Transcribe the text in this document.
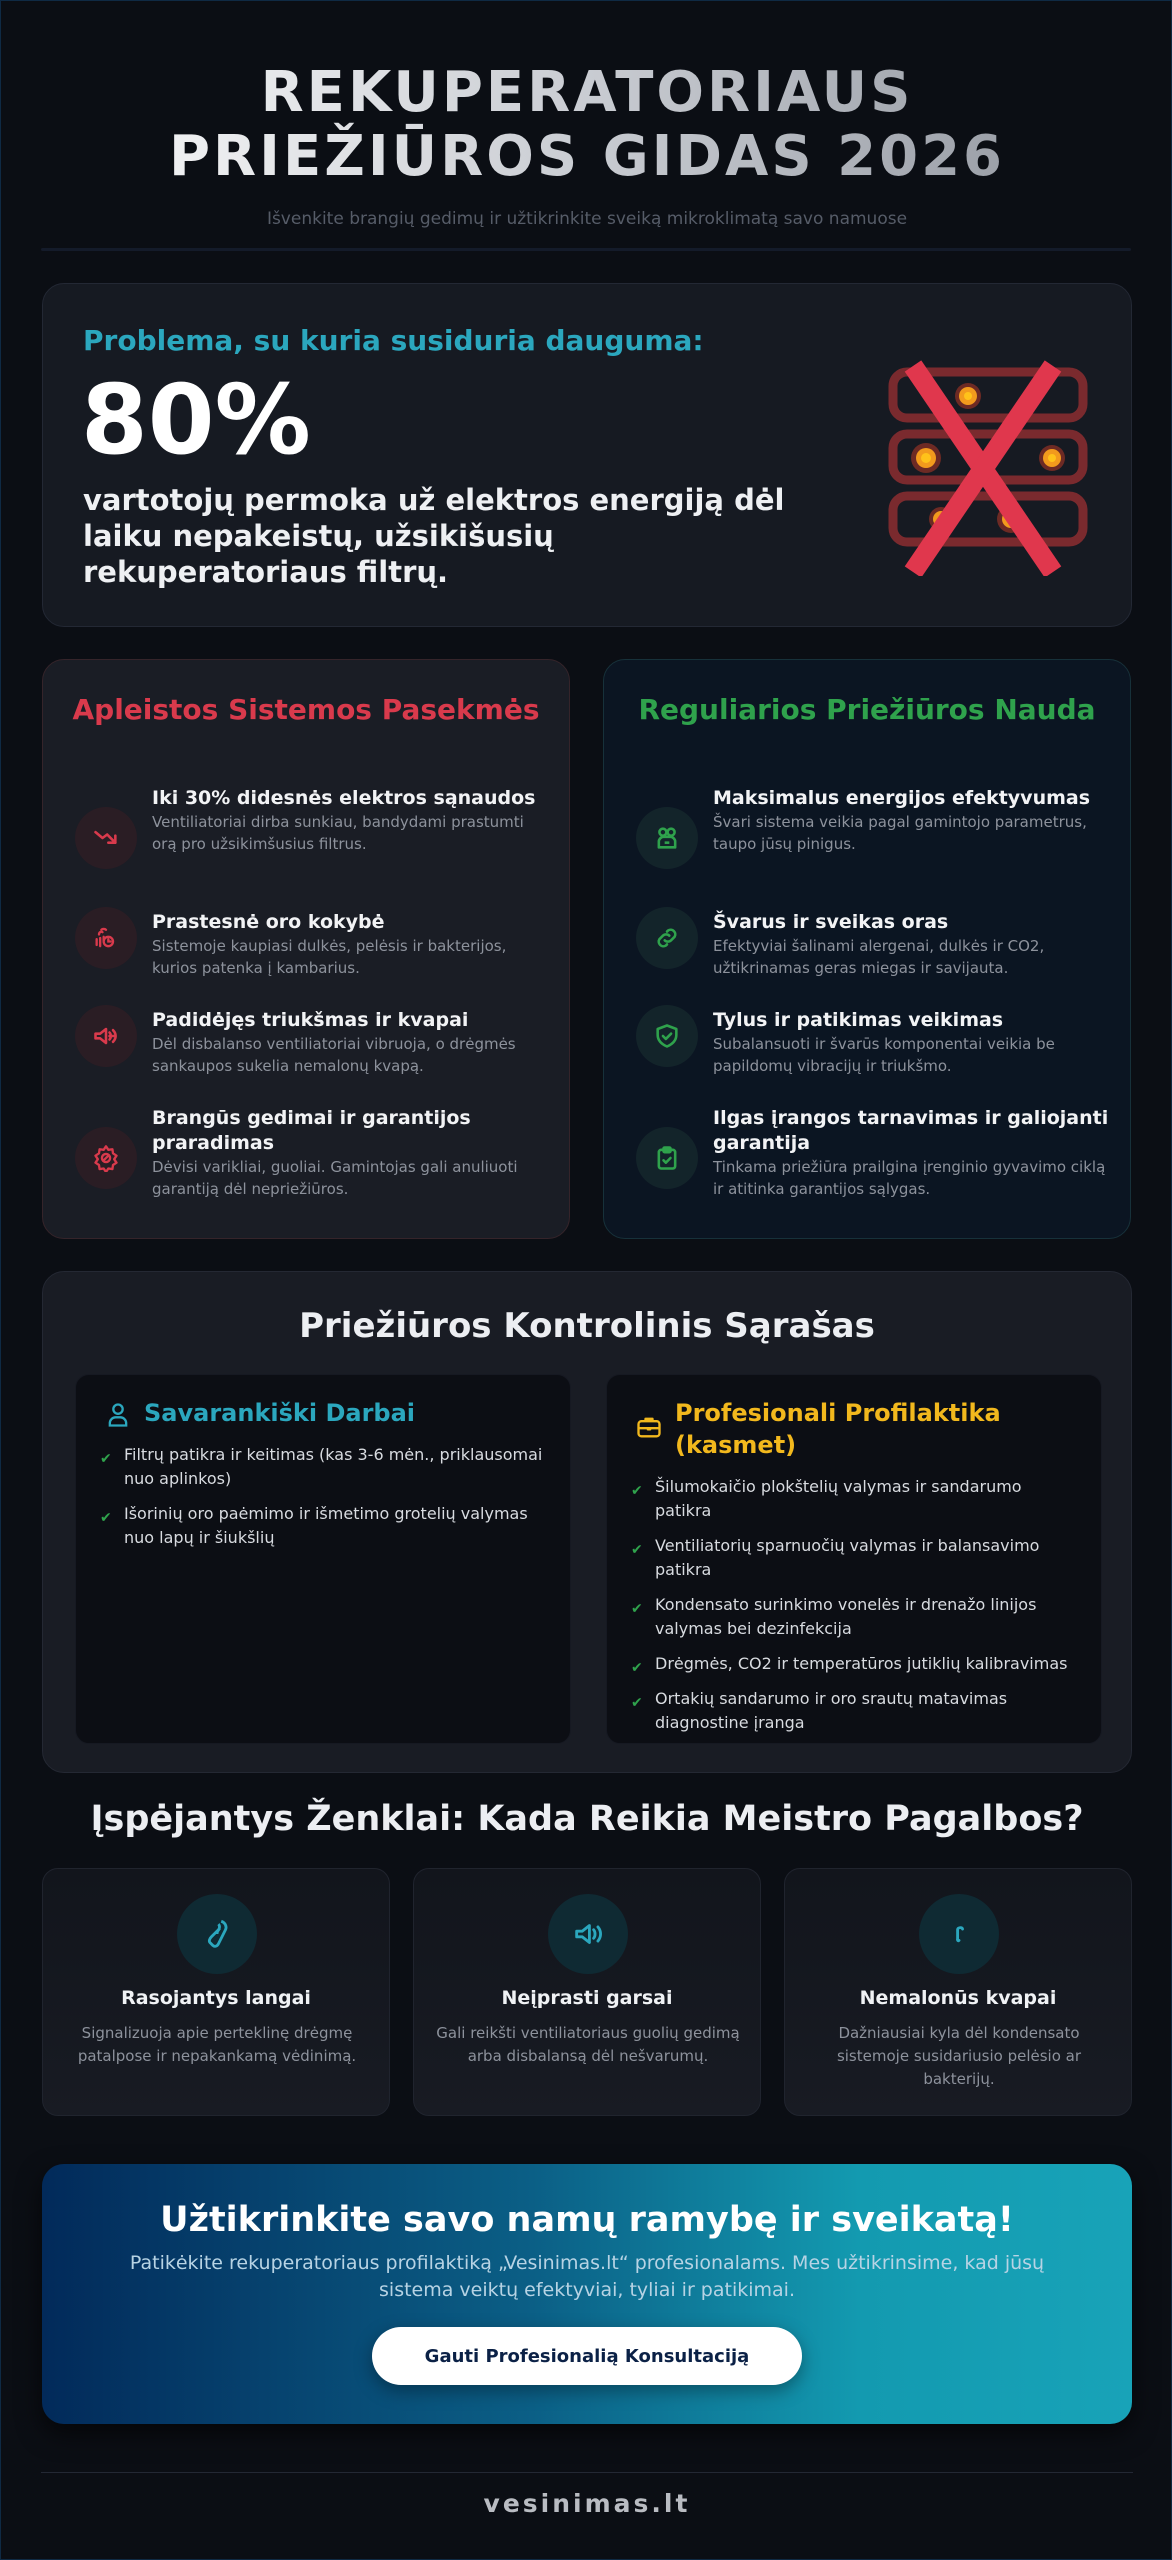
REKUPERATORIAUS
PRIEŽIŪROS GIDAS 2026

Išvenkite brangių gedimų ir užtikrinkite sveiką mikroklimatą savo namuose

Problema, su kuria susiduria dauguma:
80%
vartotojų permoka už elektros energiją dėl laiku nepakeistų, užsikišusių rekuperatoriaus filtrų.
Apleistos Sistemos Pasekmės
Iki 30% didesnės elektros sąnaudos
Ventiliatoriai dirba sunkiau, bandydami prastumti orą pro užsikimšusius filtrus.
Prastesnė oro kokybė
Sistemoje kaupiasi dulkės, pelėsis ir bakterijos, kurios patenka į kambarius.
Padidėjęs triukšmas ir kvapai
Dėl disbalanso ventiliatoriai vibruoja, o drėgmės sankaupos sukelia nemalonų kvapą.
Brangūs gedimai ir garantijos praradimas
Dėvisi varikliai, guoliai. Gamintojas gali anuliuoti garantiją dėl nepriežiūros.
Reguliarios Priežiūros Nauda
Maksimalus energijos efektyvumas
Švari sistema veikia pagal gamintojo parametrus, taupo jūsų pinigus.
Švarus ir sveikas oras
Efektyviai šalinami alergenai, dulkės ir CO2, užtikrinamas geras miegas ir savijauta.
Tylus ir patikimas veikimas
Subalansuoti ir švarūs komponentai veikia be papildomų vibracijų ir triukšmo.
Ilgas įrangos tarnavimas ir galiojanti garantija
Tinkama priežiūra prailgina įrenginio gyvavimo ciklą ir atitinka garantijos sąlygas.
Priežiūros Kontrolinis Sąrašas
Savarankiški Darbai
✔ Filtrų patikra ir keitimas (kas 3-6 mėn., priklausomai nuo aplinkos)
✔ Išorinių oro paėmimo ir išmetimo grotelių valymas nuo lapų ir šiukšlių
Profesionali Profilaktika (kasmet)
✔ Šilumokaičio plokštelių valymas ir sandarumo patikra
✔ Ventiliatorių sparnuočių valymas ir balansavimo patikra
✔ Kondensato surinkimo vonelės ir drenažo linijos valymas bei dezinfekcija
✔ Drėgmės, CO2 ir temperatūros jutiklių kalibravimas
✔ Ortakių sandarumo ir oro srautų matavimas diagnostine įranga
Įspėjantys Ženklai: Kada Reikia Meistro Pagalbos?
Rasojantys langai
Signalizuoja apie perteklinę drėgmę patalpose ir nepakankamą vėdinimą.
Neįprasti garsai
Gali reikšti ventiliatoriaus guolių gedimą arba disbalansą dėl nešvarumų.
Nemalonūs kvapai
Dažniausiai kyla dėl kondensato sistemoje susidariusio pelėsio ar bakterijų.
Užtikrinkite savo namų ramybę ir sveikatą!

Patikėkite rekuperatoriaus profilaktiką „Vesinimas.lt“ profesionalams. Mes užtikrinsime, kad jūsų sistema veiktų efektyviai, tyliai ir patikimai.

Gauti Profesionalią Konsultaciją
vesinimas.lt
